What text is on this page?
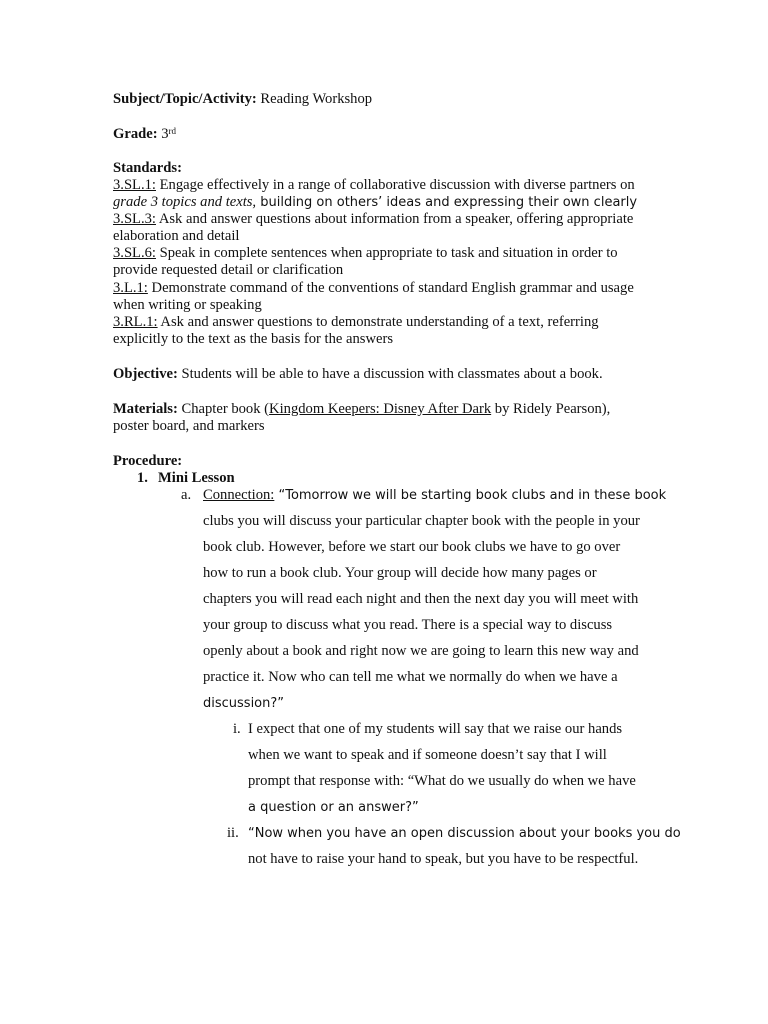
Subject/Topic/Activity: Reading Workshop
Grade: 3rd
Standards:
3.SL.1: Engage effectively in a range of collaborative discussion with diverse partners on
grade 3 topics and texts, building on others’ ideas and expressing their own clearly
3.SL.3: Ask and answer questions about information from a speaker, offering appropriate
elaboration and detail
3.SL.6: Speak in complete sentences when appropriate to task and situation in order to
provide requested detail or clarification
3.L.1: Demonstrate command of the conventions of standard English grammar and usage
when writing or speaking
3.RL.1: Ask and answer questions to demonstrate understanding of a text, referring
explicitly to the text as the basis for the answers
Objective: Students will be able to have a discussion with classmates about a book.
Materials: Chapter book (Kingdom Keepers: Disney After Dark by Ridely Pearson),
poster board, and markers
Procedure:
1. Mini Lesson
a. Connection: “Tomorrow we will be starting book clubs and in these book
clubs you will discuss your particular chapter book with the people in your
book club. However, before we start our book clubs we have to go over
how to run a book club. Your group will decide how many pages or
chapters you will read each night and then the next day you will meet with
your group to discuss what you read. There is a special way to discuss
openly about a book and right now we are going to learn this new way and
practice it. Now who can tell me what we normally do when we have a
discussion?”
i. I expect that one of my students will say that we raise our hands
when we want to speak and if someone doesn’t say that I will
prompt that response with: “What do we usually do when we have
a question or an answer?”
ii. “Now when you have an open discussion about your books you do
not have to raise your hand to speak, but you have to be respectful.
